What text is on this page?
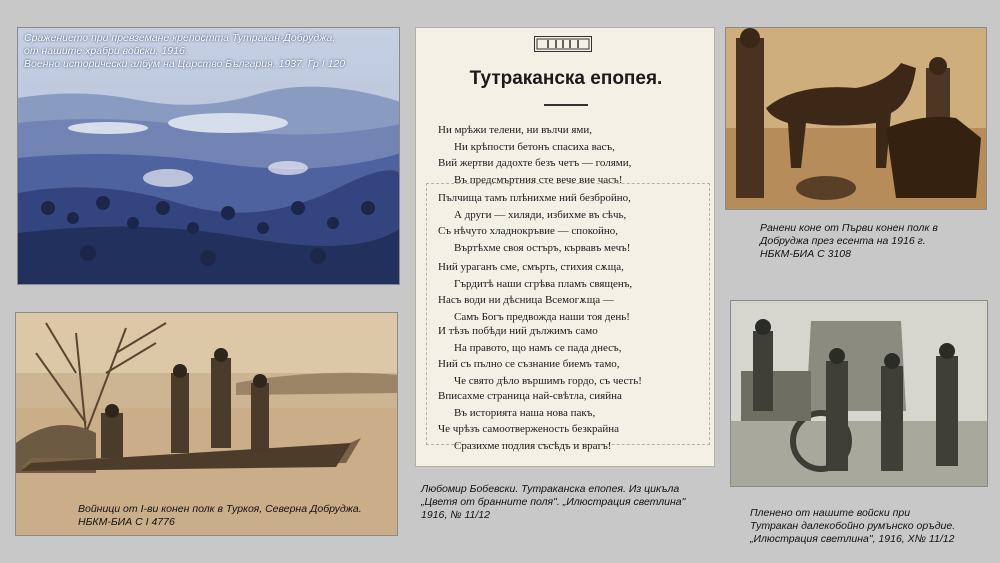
Сражението при превземане крепостта Тутракан-Добруджа,
от нашите храбри войски, 1916.
Военно исторически албум на Царство България, 1937, Гр I 120
Войници от I-ви конен полк в Туркоя, Северна Добруджа.
НБКМ-БИА С I 4776
Тутраканска епопея.
Ни мрѣжи телени, ни вълчи ями,
Ни крѣпости бетонъ спасиха васъ,
Вий жертви дадохте безъ четъ — голями,
Въ предсмъртния сте вече вие часъ!
Пълчища тамъ плѣнихме ний безбройно,
А други — хиляди, избихме въ сѣчь,
Съ нѣчуто хладнокръвие — спокойно,
Въртѣхме своя остъръ, кървавъ мечъ!
Ний ураганъ сме, смърть, стихия сѫща,
Гърдитѣ наши сгрѣва пламъ священъ,
Насъ води ни дѣсница Всемогѫща —
Самъ Богъ предвожда наши тоя день!
И тѣзъ побѣди ний дължимъ само
На правото, що намъ се пада днесъ,
Ний съ пълно се съзнание биемъ тамо,
Че свято дѣло вършимъ гордо, съ честь!
Вписахме страница най-свѣтла, сияйна
Въ историята наша нова пакъ,
Че чрѣзъ самоотверженость безкрайна
Сразихме подлия съсѣдъ и врагъ!
Любомир Бобевски. Тутраканска епопея. Из цикъла
„Цветя от бранните поля". „Илюстрация светлина"
1916, № 11/12
Ранени коне от Първи конен полк в
Добруджа през есента на 1916 г.
НБКМ-БИА С 3108
Пленено от нашите войски при
Тутракан далекобойно румънско оръдие.
„Илюстрация светлина", 1916, Х№ 11/12
